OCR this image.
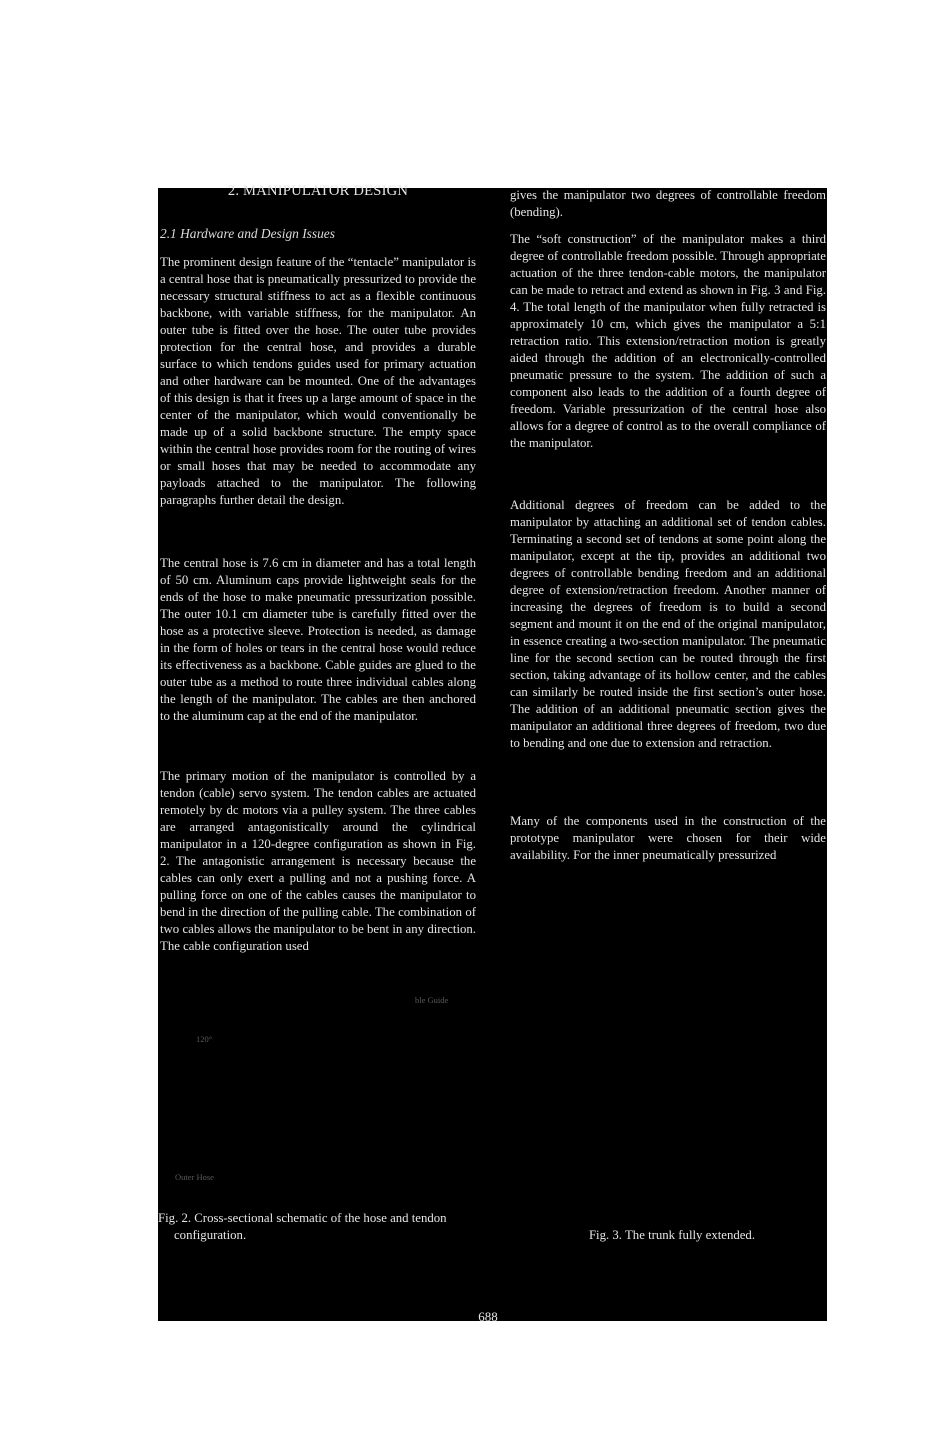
2. MANIPULATOR DESIGN
2.1 Hardware and Design Issues

The prominent design feature of the “tentacle” manipulator is a central hose that is pneumatically pressurized to provide the necessary structural stiffness to act as a flexible continuous backbone, with variable stiffness, for the manipulator. An outer tube is fitted over the hose. The outer tube provides protection for the central hose, and provides a durable surface to which tendons guides used for primary actuation and other hardware can be mounted. One of the advantages of this design is that it frees up a large amount of space in the center of the manipulator, which would conventionally be made up of a solid backbone structure. The empty space within the central hose provides room for the routing of wires or small hoses that may be needed to accommodate any payloads attached to the manipulator. The following paragraphs further detail the design.

The central hose is 7.6 cm in diameter and has a total length of 50 cm. Aluminum caps provide lightweight seals for the ends of the hose to make pneumatic pressurization possible. The outer 10.1 cm diameter tube is carefully fitted over the hose as a protective sleeve. Protection is needed, as damage in the form of holes or tears in the central hose would reduce its effectiveness as a backbone. Cable guides are glued to the outer tube as a method to route three individual cables along the length of the manipulator. The cables are then anchored to the aluminum cap at the end of the manipulator.

The primary motion of the manipulator is controlled by a tendon (cable) servo system. The tendon cables are actuated remotely by dc motors via a pulley system. The three cables are arranged antagonistically around the cylindrical manipulator in a 120-degree configuration as shown in Fig. 2. The antagonistic arrangement is necessary because the cables can only exert a pulling and not a pushing force. A pulling force on one of the cables causes the manipulator to bend in the direction of the pulling cable. The combination of two cables allows the manipulator to be bent in any direction. The cable configuration used

ble Guide
120°
Outer Hose

gives the manipulator two degrees of controllable freedom (bending).

The “soft construction” of the manipulator makes a third degree of controllable freedom possible. Through appropriate actuation of the three tendon-cable motors, the manipulator can be made to retract and extend as shown in Fig. 3 and Fig. 4. The total length of the manipulator when fully retracted is approximately 10 cm, which gives the manipulator a 5:1 retraction ratio. This extension/retraction motion is greatly aided through the addition of an electronically-controlled pneumatic pressure to the system. The addition of such a component also leads to the addition of a fourth degree of freedom. Variable pressurization of the central hose also allows for a degree of control as to the overall compliance of the manipulator.

Additional degrees of freedom can be added to the manipulator by attaching an additional set of tendon cables. Terminating a second set of tendons at some point along the manipulator, except at the tip, provides an additional two degrees of controllable bending freedom and an additional degree of extension/retraction freedom. Another manner of increasing the degrees of freedom is to build a second segment and mount it on the end of the original manipulator, in essence creating a two-section manipulator. The pneumatic line for the second section can be routed through the first section, taking advantage of its hollow center, and the cables can similarly be routed inside the first section’s outer hose. The addition of an additional pneumatic section gives the manipulator an additional three degrees of freedom, two due to bending and one due to extension and retraction.

Many of the components used in the construction of the prototype manipulator were chosen for their wide availability. For the inner pneumatically pressurized

Fig. 2. Cross-sectional schematic of the hose and tendon configuration.	Fig. 3. The trunk fully extended.

688
